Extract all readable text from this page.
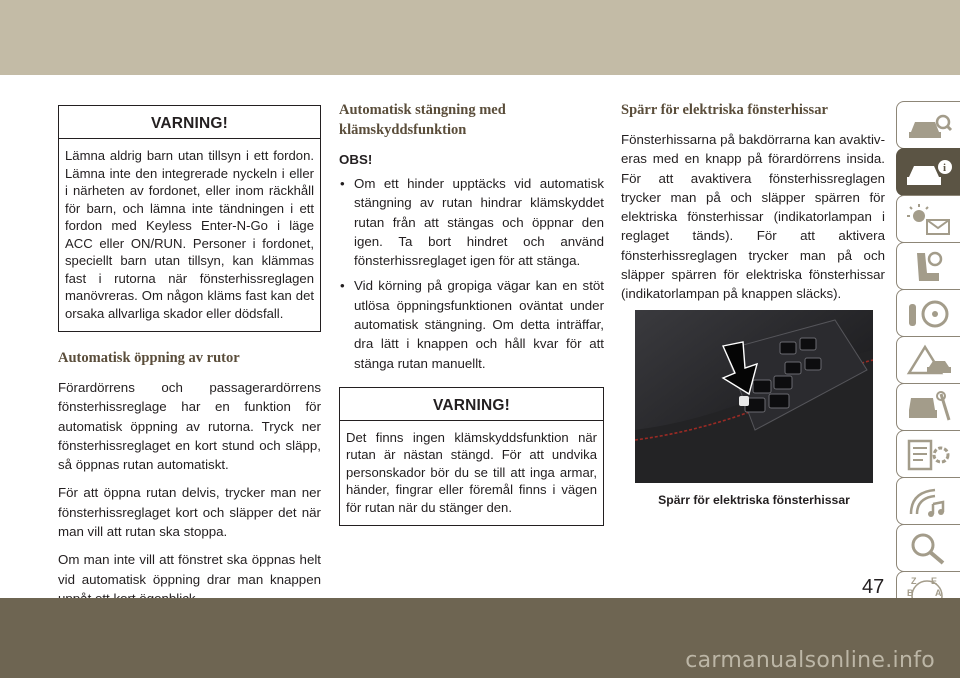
VARNING!
Lämna aldrig barn utan tillsyn i ett fordon. Lämna inte den integrerade nyckeln i eller i närheten av fordonet, eller inom räckhåll för barn, och lämna inte tändningen i ett fordon med Keyless Enter-N-Go i läge ACC eller ON/RUN. Personer i fordonet, speciellt barn utan tillsyn, kan klämmas fast i rutorna när fönsterhissreglagen manövreras. Om någon kläms fast kan det orsaka allvarliga skador eller dödsfall.
Automatisk öppning av rutor

Förardörrens och passagerardörrens fönsterhissreglage har en funktion för automatisk öppning av rutorna. Tryck ner fönsterhissreglaget en kort stund och släpp, så öppnas rutan automatiskt.

För att öppna rutan delvis, trycker man ner fönsterhissreglaget kort och släpper det när man vill att rutan ska stoppa.

Om man inte vill att fönstret ska öppnas helt vid automatisk öppning drar man knappen

Automatisk stängning med klämskyddsfunktion
OBS!
• Om ett hinder upptäcks vid automatisk stängning av rutan hindrar klämskyddet rutan från att stängas och öppnar den igen. Ta bort hindret och använd fönsterhissreglaget igen för att stänga.
• Vid körning på gropiga vägar kan en stöt utlösa öppningsfunktionen oväntat under automatisk stängning. Om detta inträffar, dra lätt i knappen och håll kvar för att stänga rutan manuellt.
VARNING!
Det finns ingen klämskyddsfunktion när rutan är nästan stängd. För att undvika personskador bör du se till att inga armar, händer, fingrar eller föremål finns i vägen för rutan när du stänger den.
Spärr för elektriska fönsterhissar

Fönsterhissarna på bakdörrarna kan avaktiveras med en knapp på förardörrens insida. För att avaktivera fönsterhissreglagen trycker man på och släpper spärren för elektriska fönsterhissar (indikatorlampan i reglaget tänds). För att aktivera fönsterhissreglagen trycker man på och släpper spärren för elektriska fönsterhissar (indikatorlampan på knappen släcks).

Spärr för elektriska fönsterhissar
i
Z E
B A
47
carmanualsonline.info
